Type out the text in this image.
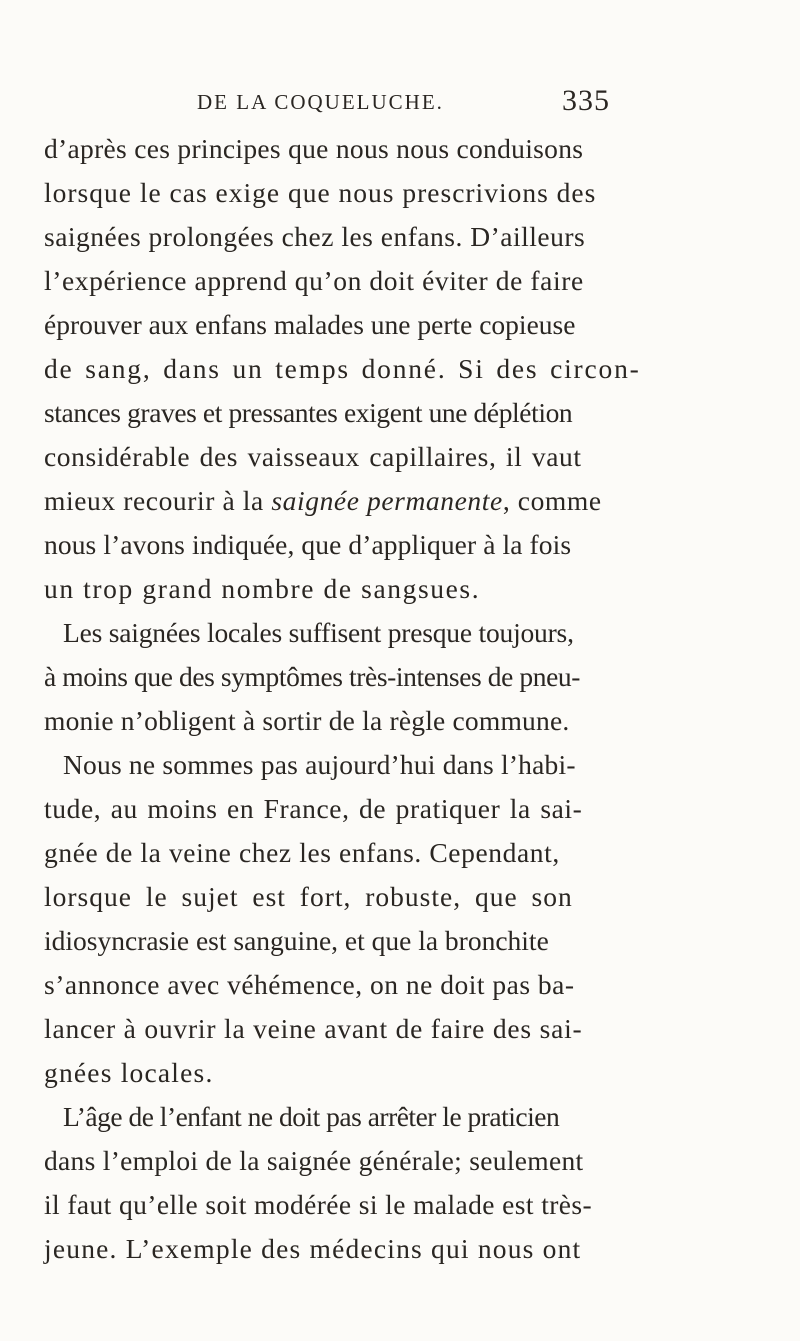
DE LA COQUELUCHE.	335
d’après ces principes que nous nous conduisons
lorsque le cas exige que nous prescrivions des
saignées prolongées chez les enfans. D’ailleurs
l’expérience apprend qu’on doit éviter de faire
éprouver aux enfans malades une perte copieuse
de sang, dans un temps donné. Si des circon-
stances graves et pressantes exigent une déplétion
considérable des vaisseaux capillaires, il vaut
mieux recourir à la saignée permanente, comme
nous l’avons indiquée, que d’appliquer à la fois
un trop grand nombre de sangsues.
Les saignées locales suffisent presque toujours,
à moins que des symptômes très-intenses de pneu-
monie n’obligent à sortir de la règle commune.
Nous ne sommes pas aujourd’hui dans l’habi-
tude, au moins en France, de pratiquer la sai-
gnée de la veine chez les enfans. Cependant,
lorsque le sujet est fort, robuste, que son
idiosyncrasie est sanguine, et que la bronchite
s’annonce avec véhémence, on ne doit pas ba-
lancer à ouvrir la veine avant de faire des sai-
gnées locales.
L’âge de l’enfant ne doit pas arrêter le praticien
dans l’emploi de la saignée générale; seulement
il faut qu’elle soit modérée si le malade est très-
jeune. L’exemple des médecins qui nous ont
